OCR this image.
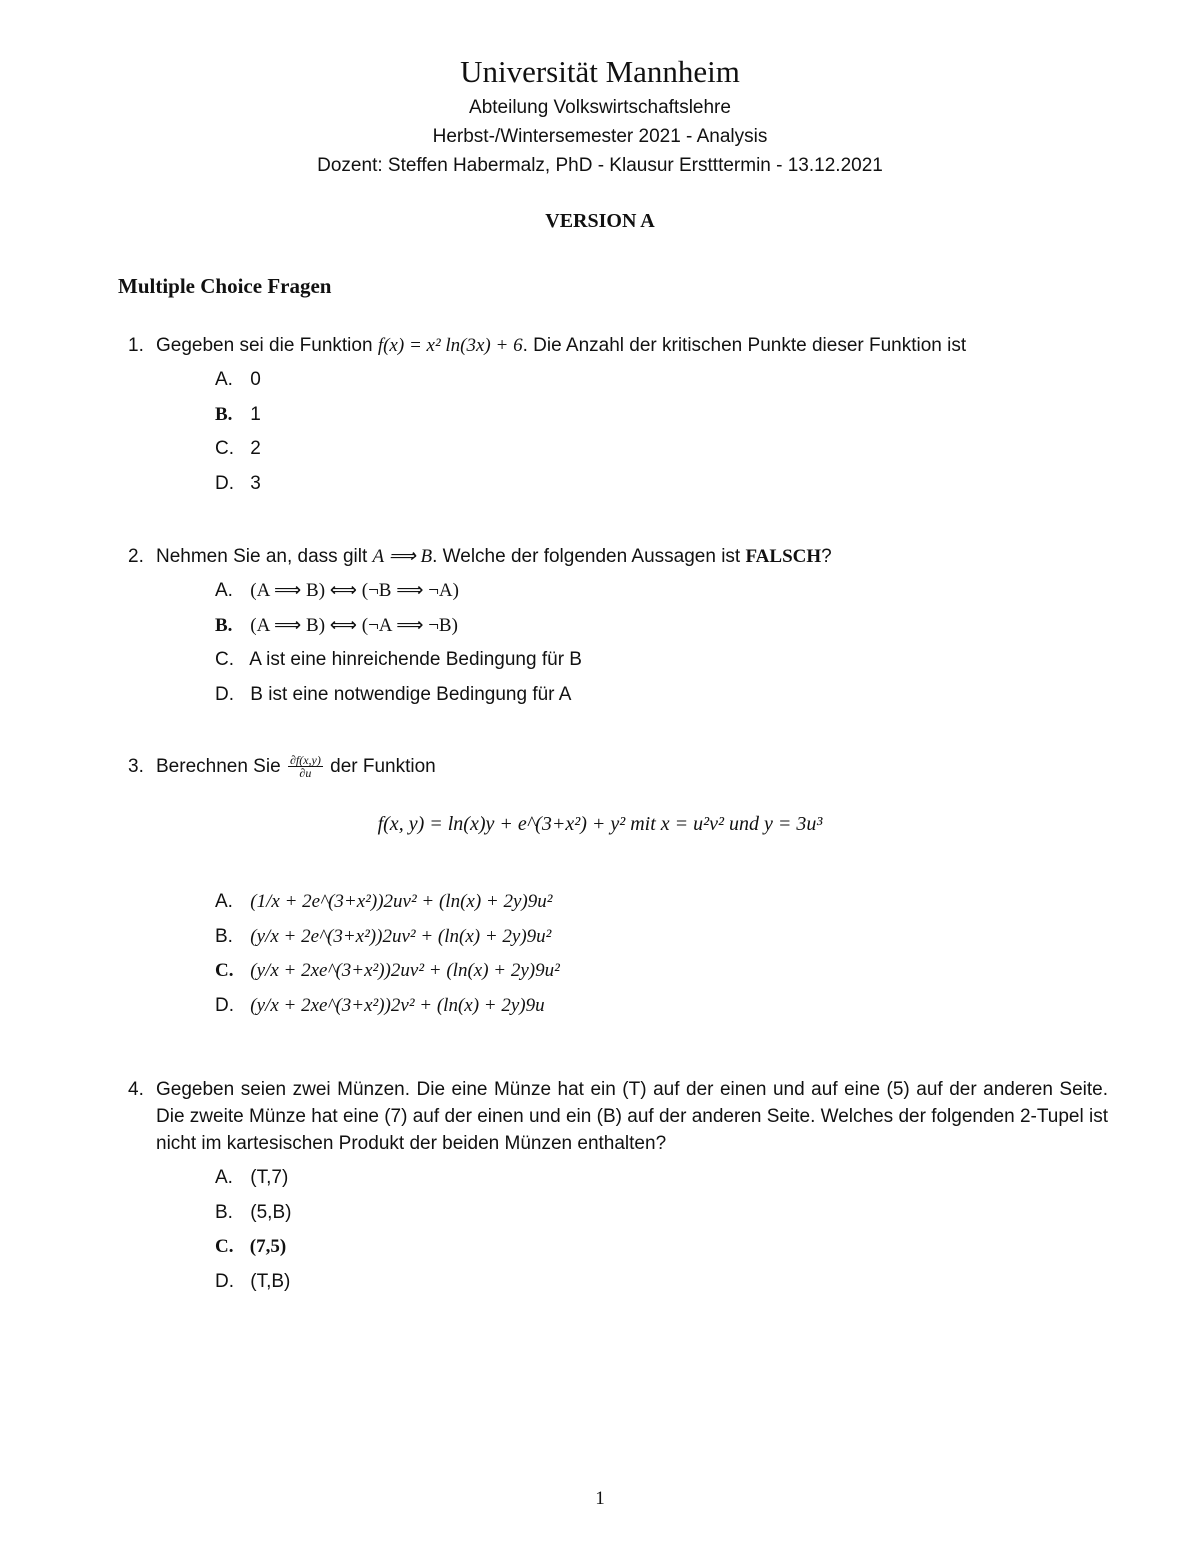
Universität Mannheim
Abteilung Volkswirtschaftslehre
Herbst-/Wintersemester 2021 - Analysis
Dozent: Steffen Habermalz, PhD - Klausur Erstttermin - 13.12.2021
VERSION A
Multiple Choice Fragen
1. Gegeben sei die Funktion f(x) = x² ln(3x) + 6. Die Anzahl der kritischen Punkte dieser Funktion ist
A. 0
B. 1
C. 2
D. 3
2. Nehmen Sie an, dass gilt A ⟹ B. Welche der folgenden Aussagen ist FALSCH?
A. (A ⟹ B) ⟺ (¬B ⟹ ¬A)
B. (A ⟹ B) ⟺ (¬A ⟹ ¬B)
C. A ist eine hinreichende Bedingung für B
D. B ist eine notwendige Bedingung für A
3. Berechnen Sie $\frac{\partial f(x,y)}{\partial u}$ der Funktion
f(x, y) = ln(x)y + e^(3+x²) + y² mit x = u²v² und y = 3u³
A. (1/x + 2e^(3+x²))2uv² + (ln(x) + 2y)9u²
B. (y/x + 2e^(3+x²))2uv² + (ln(x) + 2y)9u²
C. (y/x + 2xe^(3+x²))2uv² + (ln(x) + 2y)9u²
D. (y/x + 2xe^(3+x²))2v² + (ln(x) + 2y)9u
4. Gegeben seien zwei Münzen. Die eine Münze hat ein (T) auf der einen und auf eine (5) auf der anderen Seite. Die zweite Münze hat eine (7) auf der einen und ein (B) auf der anderen Seite. Welches der folgenden 2-Tupel ist nicht im kartesischen Produkt der beiden Münzen enthalten?
A. (T,7)
B. (5,B)
C. (7,5)
D. (T,B)
1
